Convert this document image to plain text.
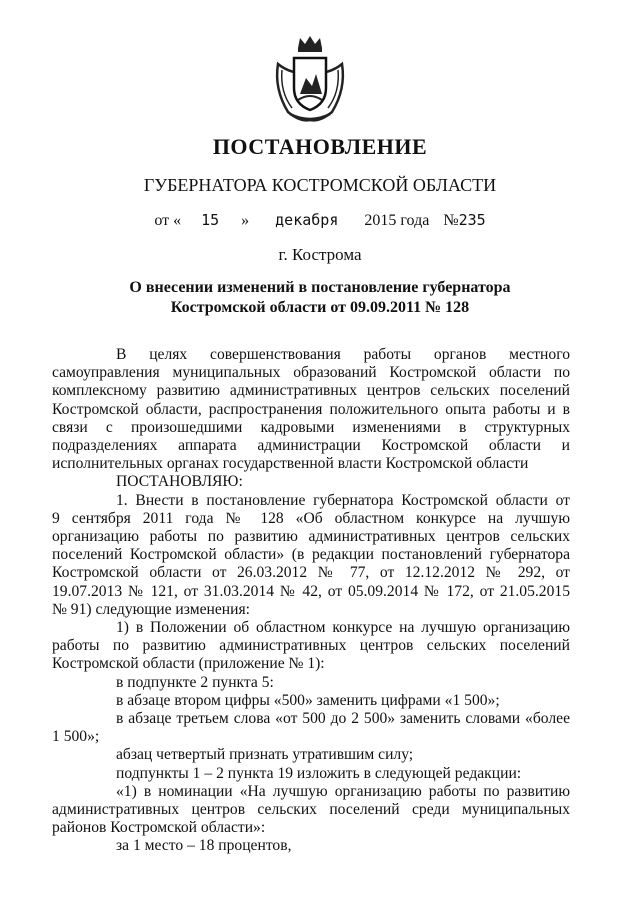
ПОСТАНОВЛЕНИЕ
ГУБЕРНАТОРА КОСТРОМСКОЙ ОБЛАСТИ
от « 15 » декабря 2015 года №235
г. Кострома
О внесении изменений в постановление губернатора
Костромской области от 09.09.2011 № 128

В целях совершенствования работы органов местного

самоуправления муниципальных образований Костромской области по

комплексному развитию административных центров сельских поселений

Костромской области, распространения положительного опыта работы и в

связи с произошедшими кадровыми изменениями в структурных

подразделениях аппарата администрации Костромской области и

исполнительных органах государственной власти Костромской области

ПОСТАНОВЛЯЮ:

1. Внести в постановление губернатора Костромской области от

9 сентября 2011 года № 128 «Об областном конкурсе на лучшую

организацию работы по развитию административных центров сельских

поселений Костромской области» (в редакции постановлений губернатора

Костромской области от 26.03.2012 № 77, от 12.12.2012 № 292, от

19.07.2013 № 121, от 31.03.2014 № 42, от 05.09.2014 № 172, от 21.05.2015

№ 91) следующие изменения:

1) в Положении об областном конкурсе на лучшую организацию

работы по развитию административных центров сельских поселений

Костромской области (приложение № 1):

в подпункте 2 пункта 5:

в абзаце втором цифры «500» заменить цифрами «1 500»;

в абзаце третьем слова «от 500 до 2 500» заменить словами «более

1 500»;

абзац четвертый признать утратившим силу;

подпункты 1 – 2 пункта 19 изложить в следующей редакции:

«1) в номинации «На лучшую организацию работы по развитию

административных центров сельских поселений среди муниципальных

районов Костромской области»:

за 1 место – 18 процентов,
